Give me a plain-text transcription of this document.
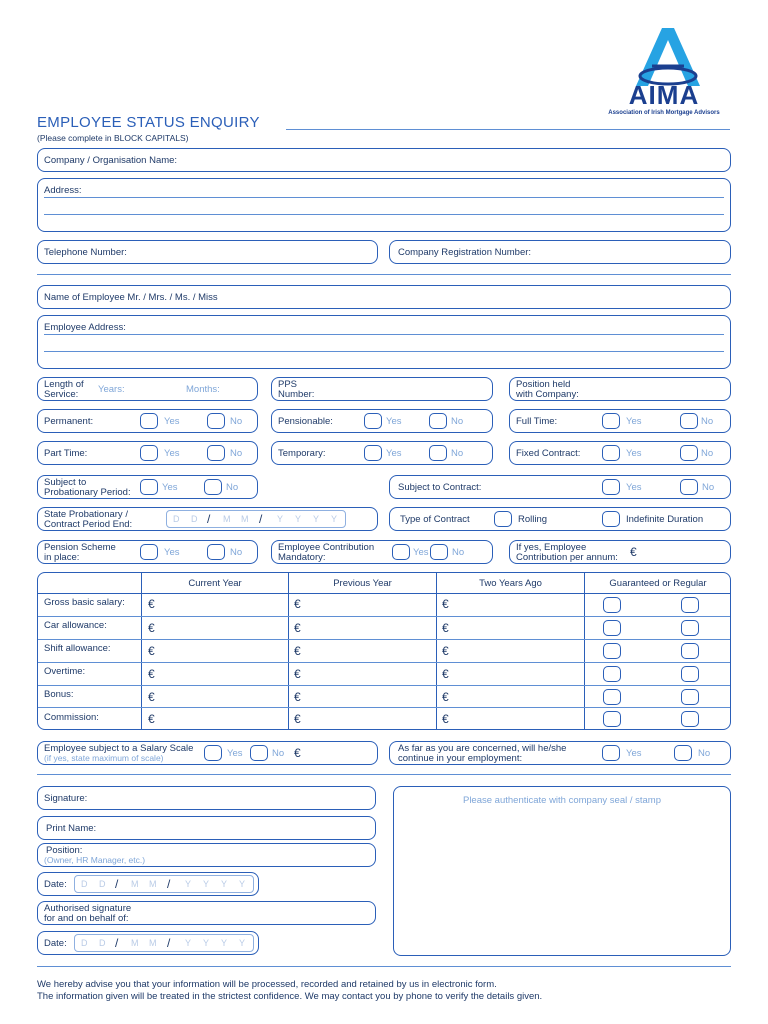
AIMA
Association of Irish Mortgage Advisors
EMPLOYEE STATUS ENQUIRY
(Please complete in BLOCK CAPITALS)
Company / Organisation Name:
Address:
Telephone Number:	Company Registration Number:
Name of Employee Mr. / Mrs. / Ms. / Miss
Employee Address:
Length of
Service:	Years:	Months:	PPS
Number:
Position held
with Company:
Permanent:	Yes	No	Pensionable:	Yes	No	Full Time:	Yes	No
Part Time:	Yes	No	Temporary:	Yes	No	Fixed Contract:	Yes	No
Subject to
Probationary Period:	Yes	No	Subject to Contract:	Yes	No
State Probationary /
Contract Period End:	D D / M M / Y Y Y Y	Type of Contract	Rolling	Indefinite Duration
Pension Scheme
in place:	Yes	No	Employee Contribution
Mandatory:	Yes No	If yes, Employee
Contribution per annum: €
Current Year	Previous Year	Two Years Ago	Guaranteed or Regular
Gross basic salary: €	€	€
Car allowance:	€	€	€
Shift allowance:	€	€	€
Overtime:	€	€	€
Bonus:	€	€	€
Commission:	€	€	€
Employee subject to a Salary Scale
(if yes, state maximum of scale)	Yes	No €	As far as you are concerned, will he/she
continue in your employment:	Yes	No
Signature:
Print Name:
Position:
(Owner, HR Manager, etc.)
Date: D D / M M / Y Y Y Y
Authorised signature
for and on behalf of:
Date: D D / M M / Y Y Y Y
Please authenticate with company seal / stamp
We hereby advise you that your information will be processed, recorded and retained by us in electronic form.
The information given will be treated in the strictest confidence. We may contact you by phone to verify the details given.
